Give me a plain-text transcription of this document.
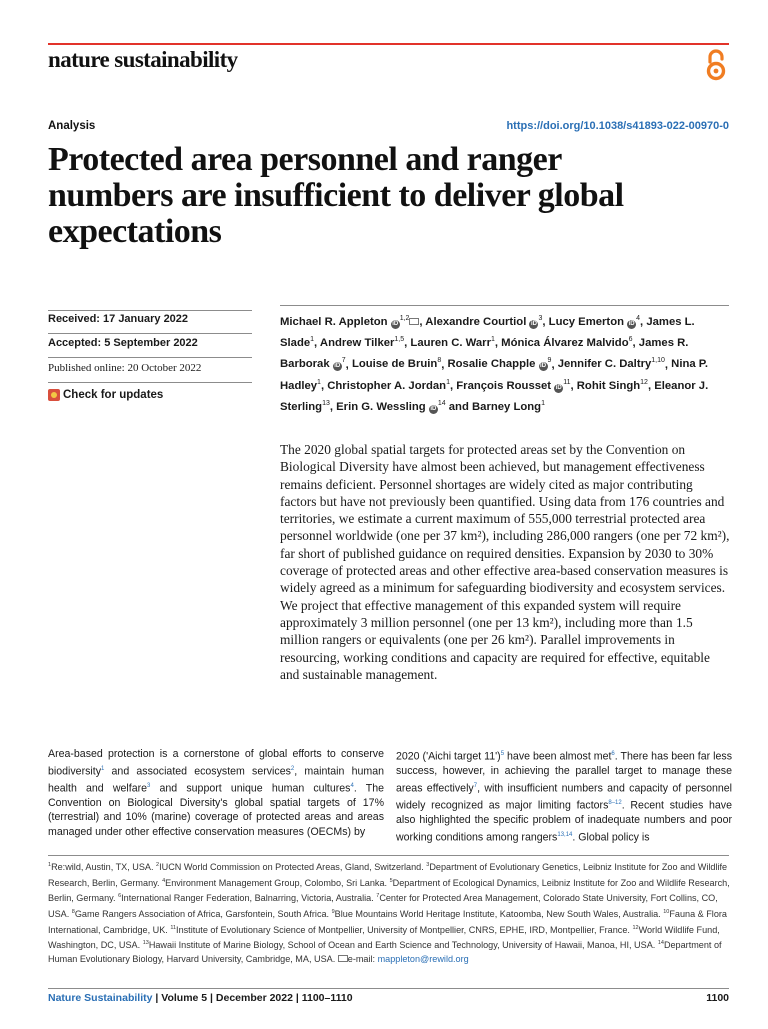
nature sustainability
Analysis	https://doi.org/10.1038/s41893-022-00970-0
Protected area personnel and ranger numbers are insufficient to deliver global expectations
Received: 17 January 2022
Accepted: 5 September 2022
Published online: 20 October 2022
Check for updates
Michael R. Appleton iD$^{1,2}$ , Alexandre Courtiol $iD^3$, Lucy Emerton $iD^4$, James L. Slade$^1$, Andrew Tilker$^{1,5}$, Lauren C. Warr$^1$, Mónica Álvarez Malvido$^6$, James R. Barborak $iD^7$, Louise de Bruin$^8$, Rosalie Chapple $iD^9$, Jennifer C. Daltry$^{1,10}$, Nina P. Hadley$^1$, Christopher A. Jordan$^1$, François Rousset $iD^{11}$, Rohit Singh$^{12}$, Eleanor J. Sterling$^{13}$, Erin G. Wessling $iD^{14}$ and Barney Long$^1$
The 2020 global spatial targets for protected areas set by the Convention on Biological Diversity have almost been achieved, but management effectiveness remains deficient. Personnel shortages are widely cited as major contributing factors but have not previously been quantified. Using data from 176 countries and territories, we estimate a current maximum of 555,000 terrestrial protected area personnel worldwide (one per 37 km²), including 286,000 rangers (one per 72 km²), far short of published guidance on required densities. Expansion by 2030 to 30% coverage of protected areas and other effective area-based conservation measures is widely agreed as a minimum for safeguarding biodiversity and ecosystem services. We project that effective management of this expanded system will require approximately 3 million personnel (one per 13 km²), including more than 1.5 million rangers or equivalents (one per 26 km²). Parallel improvements in resourcing, working conditions and capacity are required for effective, equitable and sustainable management.
Area-based protection is a cornerstone of global efforts to conserve biodiversity$^1$ and associated ecosystem services$^2$, maintain human health and welfare$^3$ and support unique human cultures$^4$. The Convention on Biological Diversity's global spatial targets of 17% (terrestrial) and 10% (marine) coverage of protected areas and areas managed under other effective conservation measures (OECMs) by
2020 ('Aichi target 11')$^5$ have been almost met$^6$. There has been far less success, however, in achieving the parallel target to manage these areas effectively$^7$, with insufficient numbers and capacity of personnel widely recognized as major limiting factors$^{8-12}$. Recent studies have also highlighted the specific problem of inadequate numbers and poor working conditions among rangers$^{13,14}$. Global policy is
$^1$Re:wild, Austin, TX, USA. $^2$IUCN World Commission on Protected Areas, Gland, Switzerland. $^3$Department of Evolutionary Genetics, Leibniz Institute for Zoo and Wildlife Research, Berlin, Germany. $^4$Environment Management Group, Colombo, Sri Lanka. $^5$Department of Ecological Dynamics, Leibniz Institute for Zoo and Wildlife Research, Berlin, Germany. $^6$International Ranger Federation, Balnarring, Victoria, Australia. $^7$Center for Protected Area Management, Colorado State University, Fort Collins, CO, USA. $^8$Game Rangers Association of Africa, Garsfontein, South Africa. $^9$Blue Mountains World Heritage Institute, Katoomba, New South Wales, Australia. $^{10}$Fauna & Flora International, Cambridge, UK. $^{11}$Institute of Evolutionary Science of Montpellier, University of Montpellier, CNRS, EPHE, IRD, Montpellier, France. $^{12}$World Wildlife Fund, Washington, DC, USA. $^{13}$Hawaii Institute of Marine Biology, School of Ocean and Earth Science and Technology, University of Hawaii, Manoa, HI, USA. $^{14}$Department of Human Evolutionary Biology, Harvard University, Cambridge, MA, USA. e-mail: mappleton@rewild.org
Nature Sustainability | Volume 5 | December 2022 | 1100–1110	1100
